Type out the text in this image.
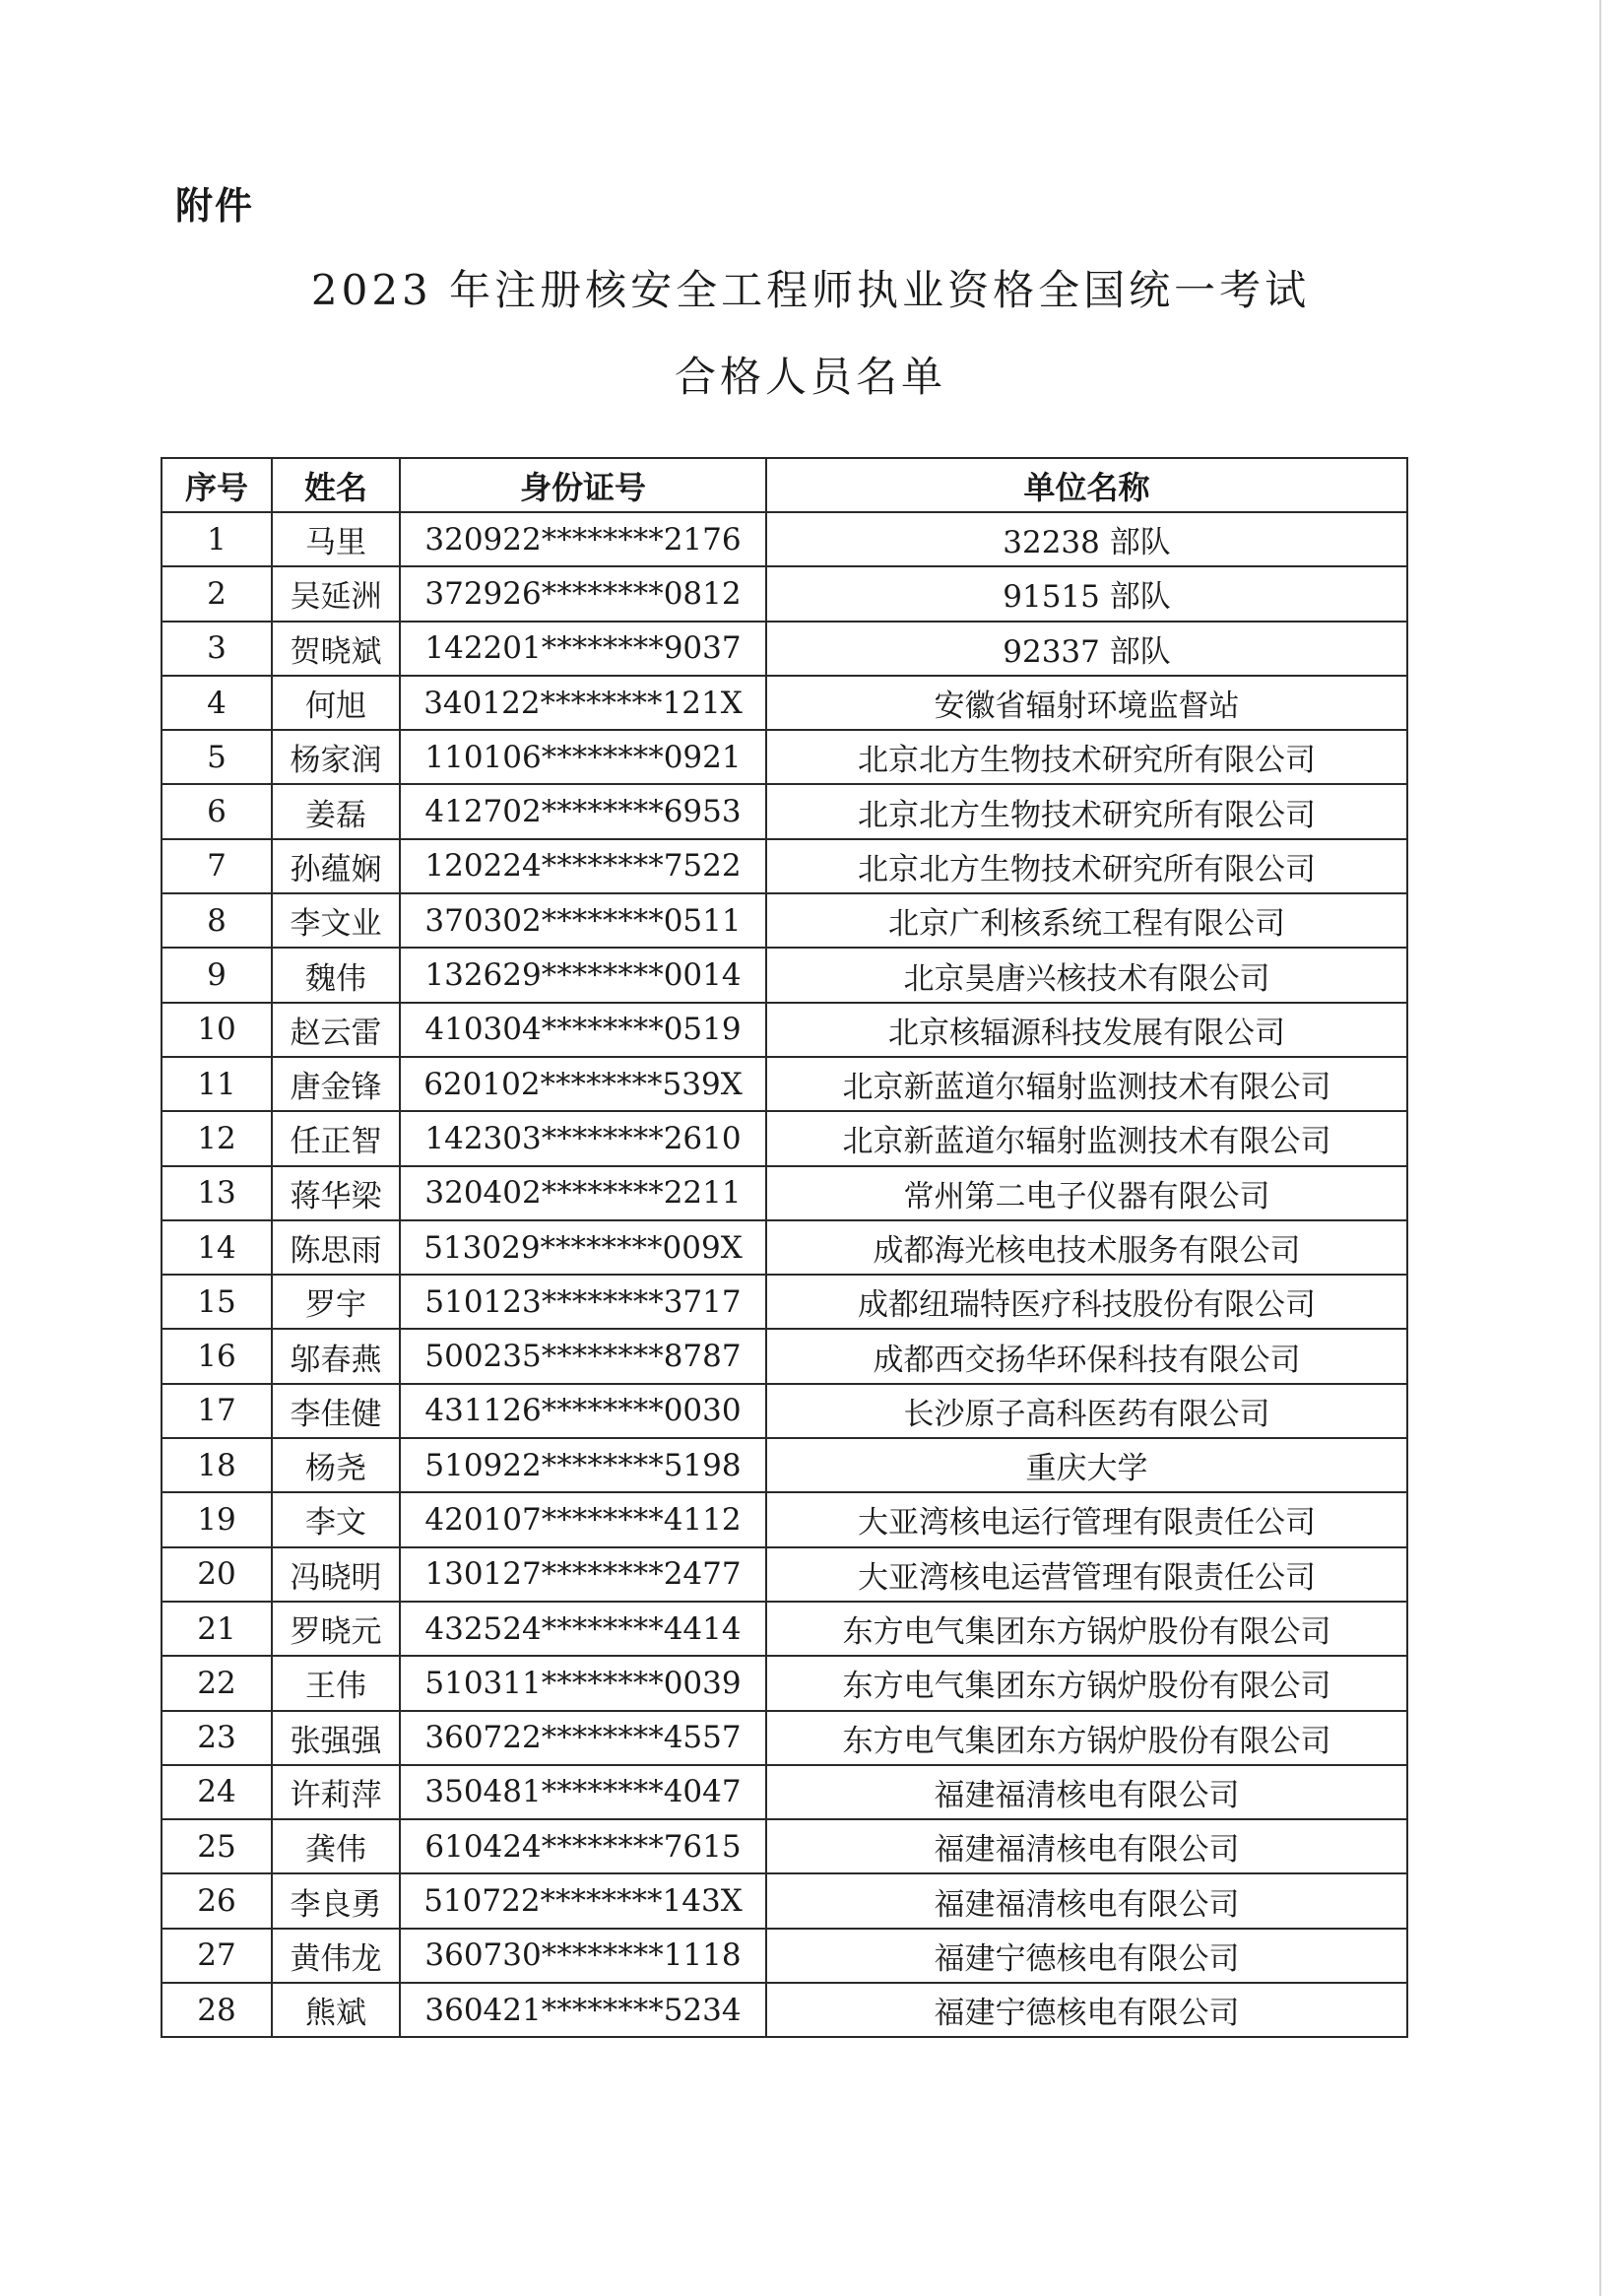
附件
2023 年注册核安全工程师执业资格全国统一考试
合格人员名单
序号	姓名	身份证号	单位名称
1	马里	320922********2176	32238 部队
2	吴延洲	372926********0812	91515 部队
3	贺晓斌	142201********9037	92337 部队
4	何旭	340122********121X	安徽省辐射环境监督站
5	杨家润	110106********0921	北京北方生物技术研究所有限公司
6	姜磊	412702********6953	北京北方生物技术研究所有限公司
7	孙蕴娴	120224********7522	北京北方生物技术研究所有限公司
8	李文业	370302********0511	北京广利核系统工程有限公司
9	魏伟	132629********0014	北京昊唐兴核技术有限公司
10	赵云雷	410304********0519	北京核辐源科技发展有限公司
11	唐金锋	620102********539X	北京新蓝道尔辐射监测技术有限公司
12	任正智	142303********2610	北京新蓝道尔辐射监测技术有限公司
13	蒋华梁	320402********2211	常州第二电子仪器有限公司
14	陈思雨	513029********009X	成都海光核电技术服务有限公司
15	罗宇	510123********3717	成都纽瑞特医疗科技股份有限公司
16	邬春燕	500235********8787	成都西交扬华环保科技有限公司
17	李佳健	431126********0030	长沙原子高科医药有限公司
18	杨尧	510922********5198	重庆大学
19	李文	420107********4112	大亚湾核电运行管理有限责任公司
20	冯晓明	130127********2477	大亚湾核电运营管理有限责任公司
21	罗晓元	432524********4414	东方电气集团东方锅炉股份有限公司
22	王伟	510311********0039	东方电气集团东方锅炉股份有限公司
23	张强强	360722********4557	东方电气集团东方锅炉股份有限公司
24	许莉萍	350481********4047	福建福清核电有限公司
25	龚伟	610424********7615	福建福清核电有限公司
26	李良勇	510722********143X	福建福清核电有限公司
27	黄伟龙	360730********1118	福建宁德核电有限公司
28	熊斌	360421********5234	福建宁德核电有限公司
